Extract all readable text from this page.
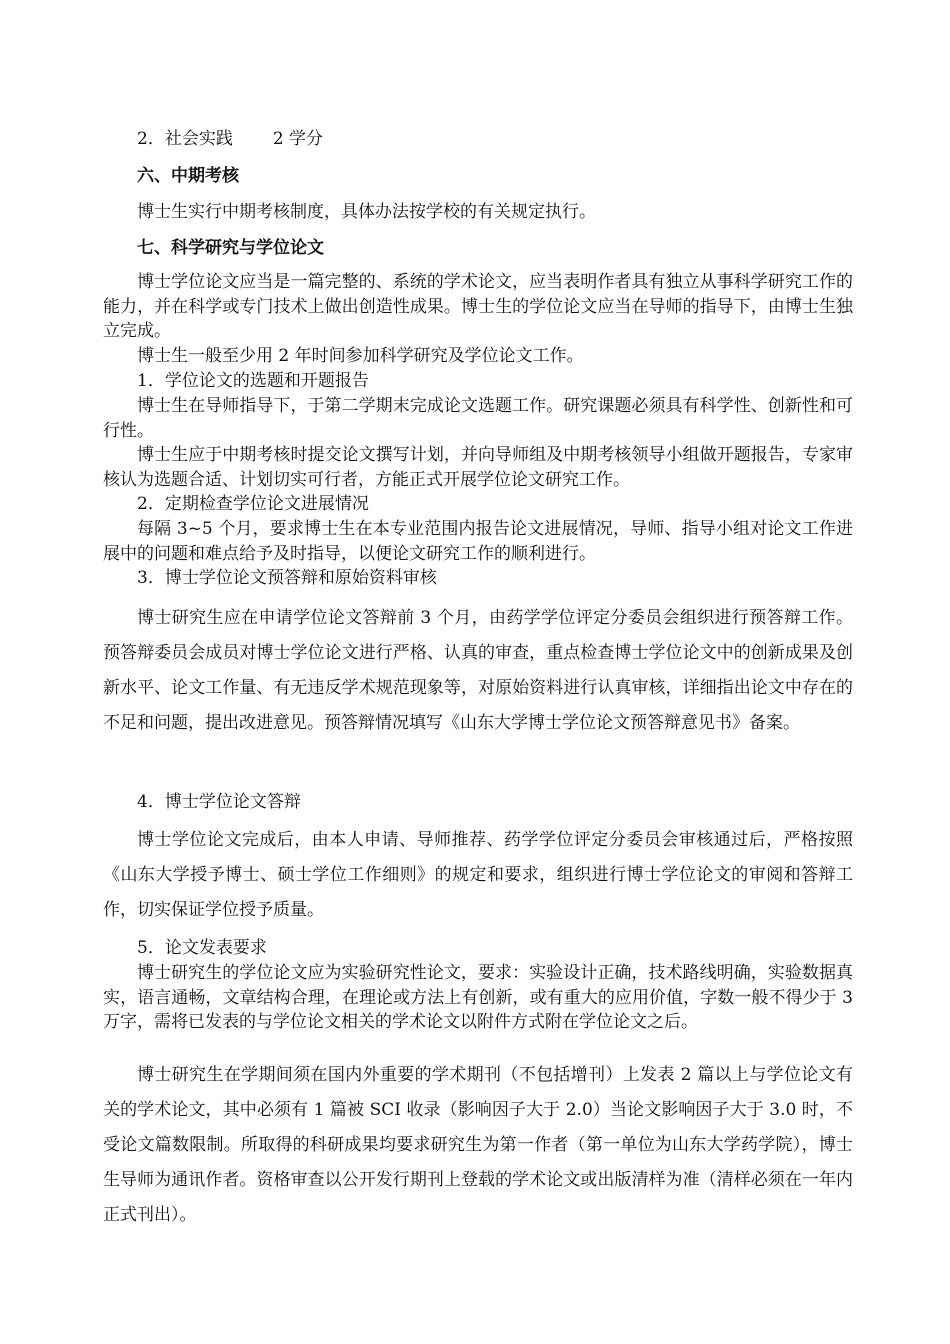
2．社会实践 2 学分

六、中期考核

博士生实行中期考核制度，具体办法按学校的有关规定执行。

七、科学研究与学位论文

博士学位论文应当是一篇完整的、系统的学术论文，应当表明作者具有独立从事科学研究工作的能力，并在科学或专门技术上做出创造性成果。博士生的学位论文应当在导师的指导下，由博士生独立完成。

博士生一般至少用 2 年时间参加科学研究及学位论文工作。

1．学位论文的选题和开题报告

博士生在导师指导下，于第二学期末完成论文选题工作。研究课题必须具有科学性、创新性和可行性。

博士生应于中期考核时提交论文撰写计划，并向导师组及中期考核领导小组做开题报告，专家审核认为选题合适、计划切实可行者，方能正式开展学位论文研究工作。

2．定期检查学位论文进展情况

每隔 3~5 个月，要求博士生在本专业范围内报告论文进展情况，导师、指导小组对论文工作进展中的问题和难点给予及时指导，以便论文研究工作的顺利进行。

3．博士学位论文预答辩和原始资料审核

博士研究生应在申请学位论文答辩前 3 个月，由药学学位评定分委员会组织进行预答辩工作。预答辩委员会成员对博士学位论文进行严格、认真的审查，重点检查博士学位论文中的创新成果及创新水平、论文工作量、有无违反学术规范现象等，对原始资料进行认真审核，详细指出论文中存在的不足和问题，提出改进意见。预答辩情况填写《山东大学博士学位论文预答辩意见书》备案。

4．博士学位论文答辩

博士学位论文完成后，由本人申请、导师推荐、药学学位评定分委员会审核通过后，严格按照《山东大学授予博士、硕士学位工作细则》的规定和要求，组织进行博士学位论文的审阅和答辩工作，切实保证学位授予质量。

5．论文发表要求

博士研究生的学位论文应为实验研究性论文，要求：实验设计正确，技术路线明确，实验数据真实，语言通畅，文章结构合理，在理论或方法上有创新，或有重大的应用价值，字数一般不得少于 3 万字，需将已发表的与学位论文相关的学术论文以附件方式附在学位论文之后。

博士研究生在学期间须在国内外重要的学术期刊（不包括增刊）上发表 2 篇以上与学位论文有关的学术论文，其中必须有 1 篇被 SCI 收录（影响因子大于 2.0）当论文影响因子大于 3.0 时，不受论文篇数限制。所取得的科研成果均要求研究生为第一作者（第一单位为山东大学药学院），博士生导师为通讯作者。资格审查以公开发行期刊上登载的学术论文或出版清样为准（清样必须在一年内正式刊出）。
